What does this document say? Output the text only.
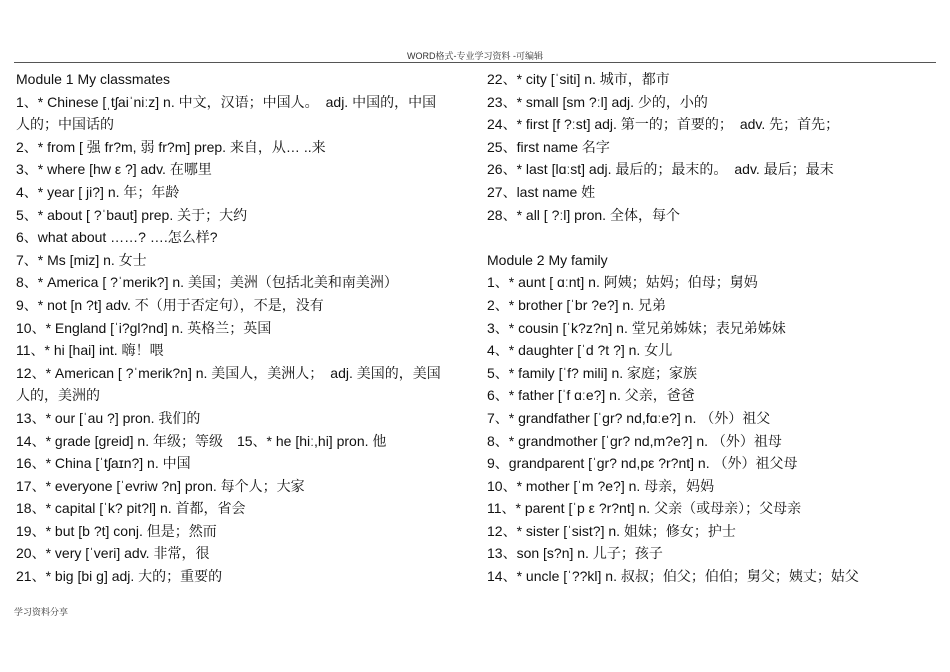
WORD格式-专业学习资料 -可编辑
Module 1 My classmates
1、* Chinese [ˌtʃaiˈniːz] n. 中文，汉语；中国人。　adj. 中国的，中国
人的；中国话的
2、* from [ 强 fr?m, 弱 fr?m] prep. 来自，从… ..来
3、* where [hw ε ?] adv. 在哪里
4、* year [ ji?] n. 年；年龄
5、* about [ ?ˈbaut] prep. 关于；大约
6、what about ……? ….怎么样?
7、* Ms [miz] n. 女士
8、* America [ ?ˈmerik?] n. 美国；美洲（包括北美和南美洲）
9、* not [n ?t] adv. 不（用于否定句），不是，没有
10、* England [ˈi?ɡl?nd] n. 英格兰；英国
11、* hi [hai] int. 嗨！喂
12、* American [ ?ˈmerik?n] n. 美国人，美洲人；　adj. 美国的，美国
人的，美洲的
13、* our [ˈau ?] pron. 我们的
14、* grade [ɡreid] n. 年级；等级　15、* he [hiː,hi] pron. 他
16、* China [ˈtʃaɪn?] n. 中国
17、* everyone [ˈevriw ?n] pron. 每个人；大家
18、* capital [ˈk? pit?l] n. 首都，省会
19、* but [b ?t] conj. 但是；然而
20、* very [ˈveri] adv. 非常，很
21、* big [bi ɡ] adj. 大的；重要的
22、* city [ˈsiti] n. 城市，都市
23、* small [sm ?ːl] adj. 少的，小的
24、* first [f ?ːst] adj. 第一的；首要的；　adv. 先；首先；
25、first name 名字
26、* last [lɑːst] adj. 最后的；最末的。　adv. 最后；最末
27、last name 姓
28、* all [ ?ːl] pron. 全体，每个
Module 2 My family
1、* aunt [ ɑːnt] n. 阿姨；姑妈；伯母；舅妈
2、* brother [ˈbr ?e?] n. 兄弟
3、* cousin [ˈk?z?n] n. 堂兄弟姊妹；表兄弟姊妹
4、* daughter [ˈd ?t ?] n. 女儿
5、* family [ˈf? mili] n. 家庭；家族
6、* father [ˈf ɑːe?] n. 父亲，爸爸
7、* grandfather [ˈɡr? nd,fɑːe?] n. （外）祖父
8、* grandmother [ˈɡr? nd,m?e?] n. （外）祖母
9、grandparent [ˈɡr? nd,pε ?r?nt] n. （外）祖父母
10、* mother [ˈm ?e?] n. 母亲，妈妈
11、* parent [ˈp ε ?r?nt] n. 父亲（或母亲）；父母亲
12、* sister [ˈsist?] n. 姐妹；修女；护士
13、son [s?n] n. 儿子；孩子
14、* uncle [ˈ??kl] n. 叔叔；伯父；伯伯；舅父；姨丈；姑父
学习资料分享
